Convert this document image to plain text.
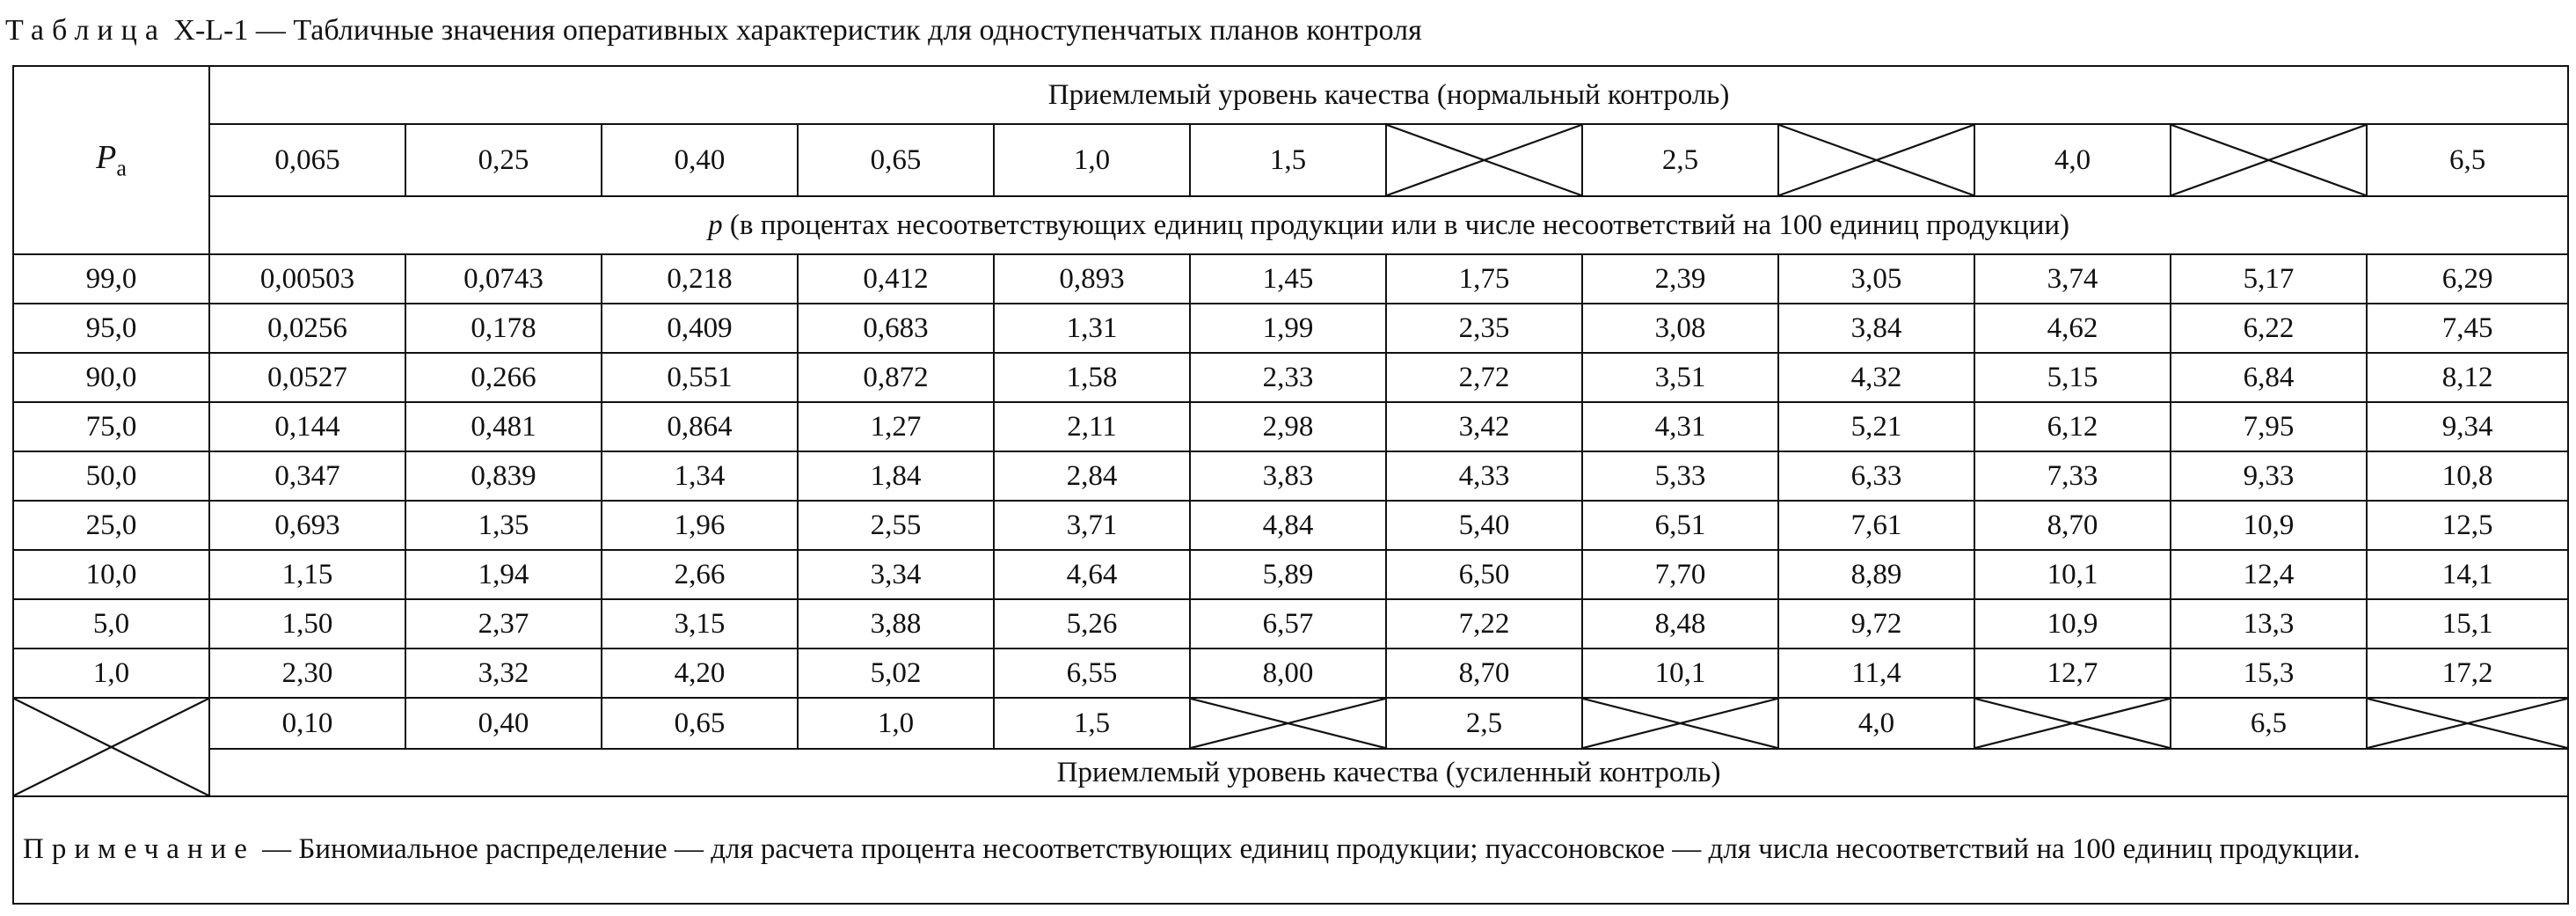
Таблица X-L-1 — Табличные значения оперативных характеристик для одноступенчатых планов контроля
$P_a$	Приемлемый уровень качества (нормальный контроль)											
	0,065	0,25	0,40	0,65	1,0	1,5		2,5		4,0		6,5
	p (в процентах несоответствующих единиц продукции или в числе несоответствий на 100 единиц продукции)											
99,0	0,00503	0,0743	0,218	0,412	0,893	1,45	1,75	2,39	3,05	3,74	5,17	6,29
95,0	0,0256	0,178	0,409	0,683	1,31	1,99	2,35	3,08	3,84	4,62	6,22	7,45
90,0	0,0527	0,266	0,551	0,872	1,58	2,33	2,72	3,51	4,32	5,15	6,84	8,12
75,0	0,144	0,481	0,864	1,27	2,11	2,98	3,42	4,31	5,21	6,12	7,95	9,34
50,0	0,347	0,839	1,34	1,84	2,84	3,83	4,33	5,33	6,33	7,33	9,33	10,8
25,0	0,693	1,35	1,96	2,55	3,71	4,84	5,40	6,51	7,61	8,70	10,9	12,5
10,0	1,15	1,94	2,66	3,34	4,64	5,89	6,50	7,70	8,89	10,1	12,4	14,1
5,0	1,50	2,37	3,15	3,88	5,26	6,57	7,22	8,48	9,72	10,9	13,3	15,1
1,0	2,30	3,32	4,20	5,02	6,55	8,00	8,70	10,1	11,4	12,7	15,3	17,2

	0,10	0,40	0,65	1,0	1,5		2,5		4,0		6,5	

	Приемлемый уровень качества (усиленный контроль)											
Примечание — Биномиальное распределение — для расчета процента несоответствующих единиц продукции; пуассоновское — для числа несоответствий на 100 единиц продукции.												
